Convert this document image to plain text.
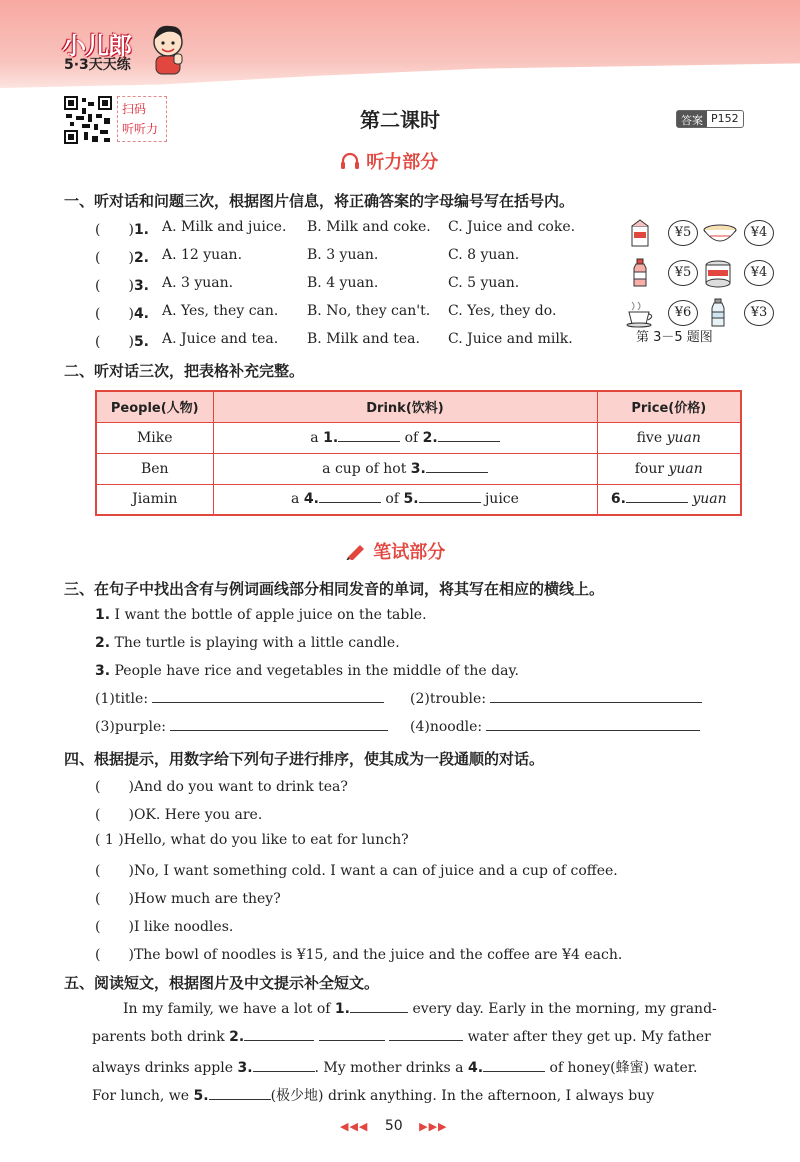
小儿郎
5·3天天练
扫码
听听力	第二课时	答案 P152
听力部分
一、听对话和问题三次，根据图片信息，将正确答案的字母编号写在括号内。
(　　)1. A. Milk and juice. B. Milk and coke. C. Juice and coke.
(　　)2. A. 12 yuan.	B. 3 yuan.	C. 8 yuan.
(　　)3. A. 3 yuan.	B. 4 yuan.	C. 5 yuan.
(　　)4. A. Yes, they can. B. No, they can't. C. Yes, they do.
(　　)5. A. Juice and tea. B. Milk and tea. C. Juice and milk.
¥5	¥4
¥5	¥4
¥6	¥3
第 3－5 题图
二、听对话三次，把表格补充完整。
People(人物)	Drink(饮料)	Price(价格)
Mike	a 1. of 2.	five yuan
Ben	a cup of hot 3.	four yuan
Jiamin	a 4. of 5. juice	6. yuan
笔试部分
三、在句子中找出含有与例词画线部分相同发音的单词，将其写在相应的横线上。
1. I want the bottle of apple juice on the table.
2. The turtle is playing with a little candle.
3. People have rice and vegetables in the middle of the day.
(1)title:	(2)trouble:
(3)purple:	(4)noodle:
四、根据提示，用数字给下列句子进行排序，使其成为一段通顺的对话。
(　　)And do you want to drink tea?
(　　)OK. Here you are.
( 1 )Hello, what do you like to eat for lunch?
(　　)No, I want something cold. I want a can of juice and a cup of coffee.
(　　)How much are they?
(　　)I like noodles.
(　　)The bowl of noodles is ¥15, and the juice and the coffee are ¥4 each.
五、阅读短文，根据图片及中文提示补全短文。
In my family, we have a lot of 1.	every day. Early in the morning, my grand-
parents both drink 2.	water after they get up. My father
always drinks apple 3.	. My mother drinks a 4.	of honey(蜂蜜) water.
For lunch, we 5.	(极少地) drink anything. In the afternoon, I always buy
◀◀◀ 50 ▶▶▶
